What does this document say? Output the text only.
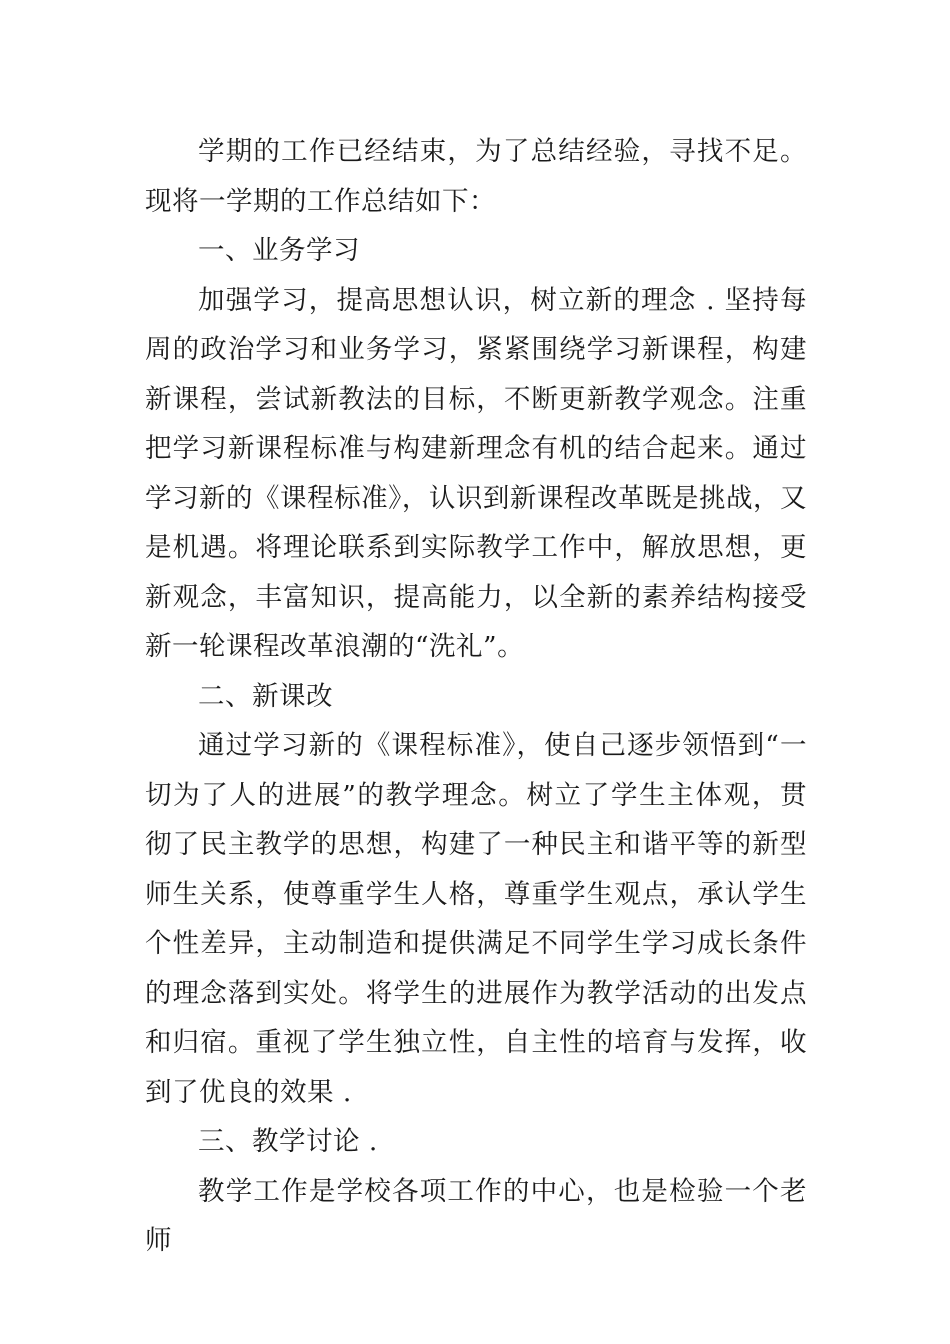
学期的工作已经结束，为了总结经验，寻找不足。现将一学期的工作总结如下：

一、业务学习

加强学习，提高思想认识，树立新的理念 . 坚持每周的政治学习和业务学习，紧紧围绕学习新课程，构建新课程，尝试新教法的目标，不断更新教学观念。注重把学习新课程标准与构建新理念有机的结合起来。通过学习新的《课程标准》，认识到新课程改革既是挑战，又是机遇。将理论联系到实际教学工作中，解放思想，更新观念，丰富知识，提高能力，以全新的素养结构接受新一轮课程改革浪潮的“洗礼”。

二、新课改

通过学习新的《课程标准》，使自己逐步领悟到“一切为了人的进展”的教学理念。树立了学生主体观，贯彻了民主教学的思想，构建了一种民主和谐平等的新型师生关系，使尊重学生人格，尊重学生观点，承认学生个性差异，主动制造和提供满足不同学生学习成长条件的理念落到实处。将学生的进展作为教学活动的出发点和归宿。重视了学生独立性，自主性的培育与发挥，收到了优良的效果 .

三、教学讨论 .

教学工作是学校各项工作的中心，也是检验一个老师
